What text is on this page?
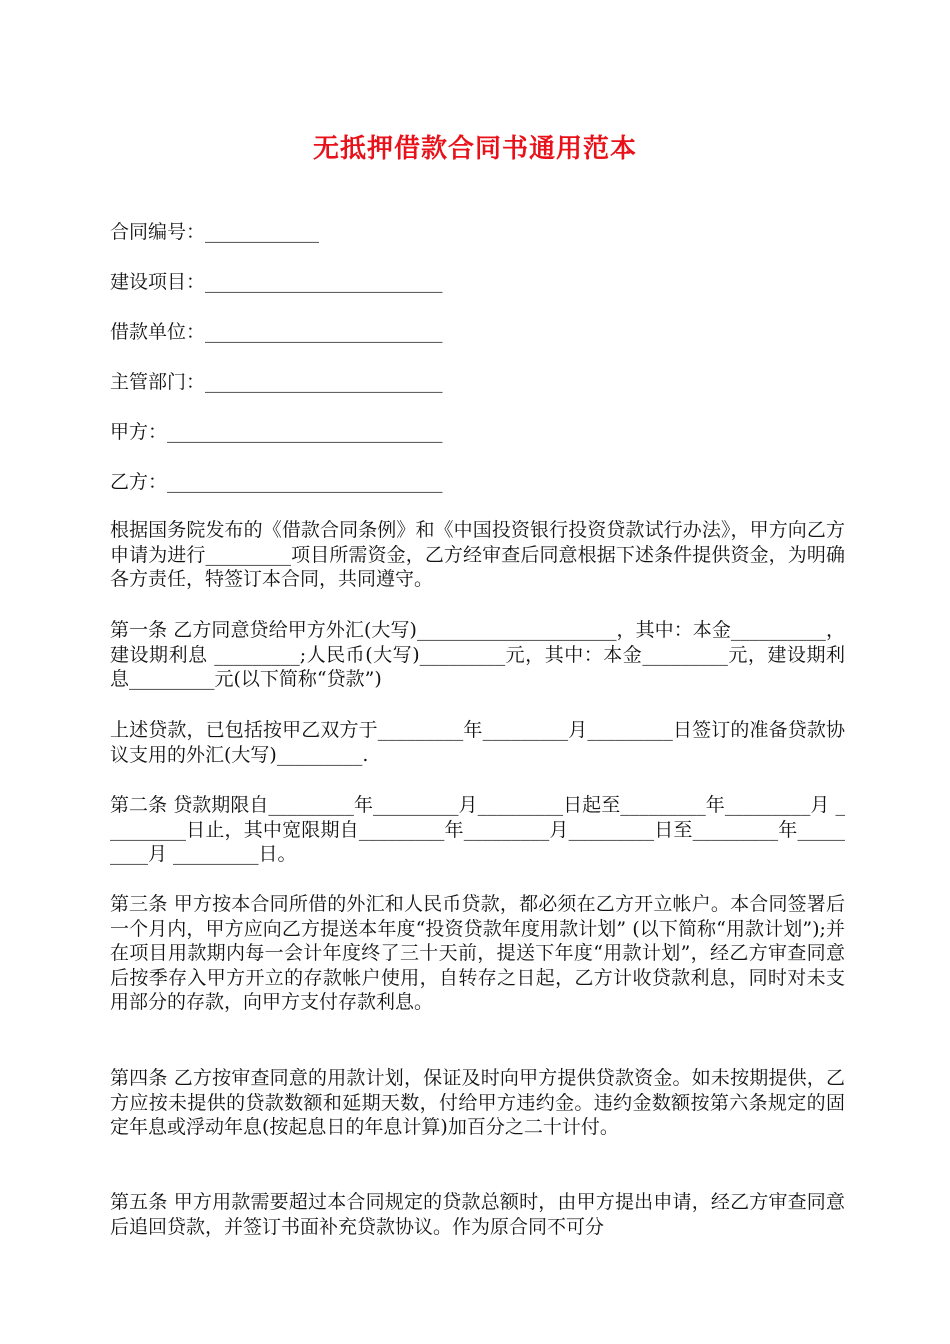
无抵押借款合同书通用范本
合同编号：____________
建设项目：_________________________
借款单位：_________________________
主管部门：_________________________
甲方：_____________________________
乙方：_____________________________
根据国务院发布的《借款合同条例》和《中国投资银行投资贷款试行办法》，甲方向乙方申请为进行_________项目所需资金，乙方经审查后同意根据下述条件提供资金，为明确各方责任，特签订本合同，共同遵守。
第一条 乙方同意贷给甲方外汇(大写)_____________________，其中：本金__________，建设期利息 _________;人民币(大写)_________元，其中：本金_________元，建设期利息_________元(以下简称“贷款”)
上述贷款，已包括按甲乙双方于_________年_________月_________日签订的准备贷款协议支用的外汇(大写)_________.
第二条 贷款期限自_________年_________月_________日起至_________年_________月 _________日止，其中宽限期自_________年_________月_________日至_________年_________月 _________日。
第三条 甲方按本合同所借的外汇和人民币贷款，都必须在乙方开立帐户。本合同签署后一个月内，甲方应向乙方提送本年度“投资贷款年度用款计划” (以下简称“用款计划”);并在项目用款期内每一会计年度终了三十天前，提送下年度“用款计划”，经乙方审查同意后按季存入甲方开立的存款帐户使用，自转存之日起，乙方计收贷款利息，同时对未支用部分的存款，向甲方支付存款利息。
第四条 乙方按审查同意的用款计划，保证及时向甲方提供贷款资金。如未按期提供，乙方应按未提供的贷款数额和延期天数，付给甲方违约金。违约金数额按第六条规定的固定年息或浮动年息(按起息日的年息计算)加百分之二十计付。
第五条 甲方用款需要超过本合同规定的贷款总额时，由甲方提出申请，经乙方审查同意后追回贷款，并签订书面补充贷款协议。作为原合同不可分
